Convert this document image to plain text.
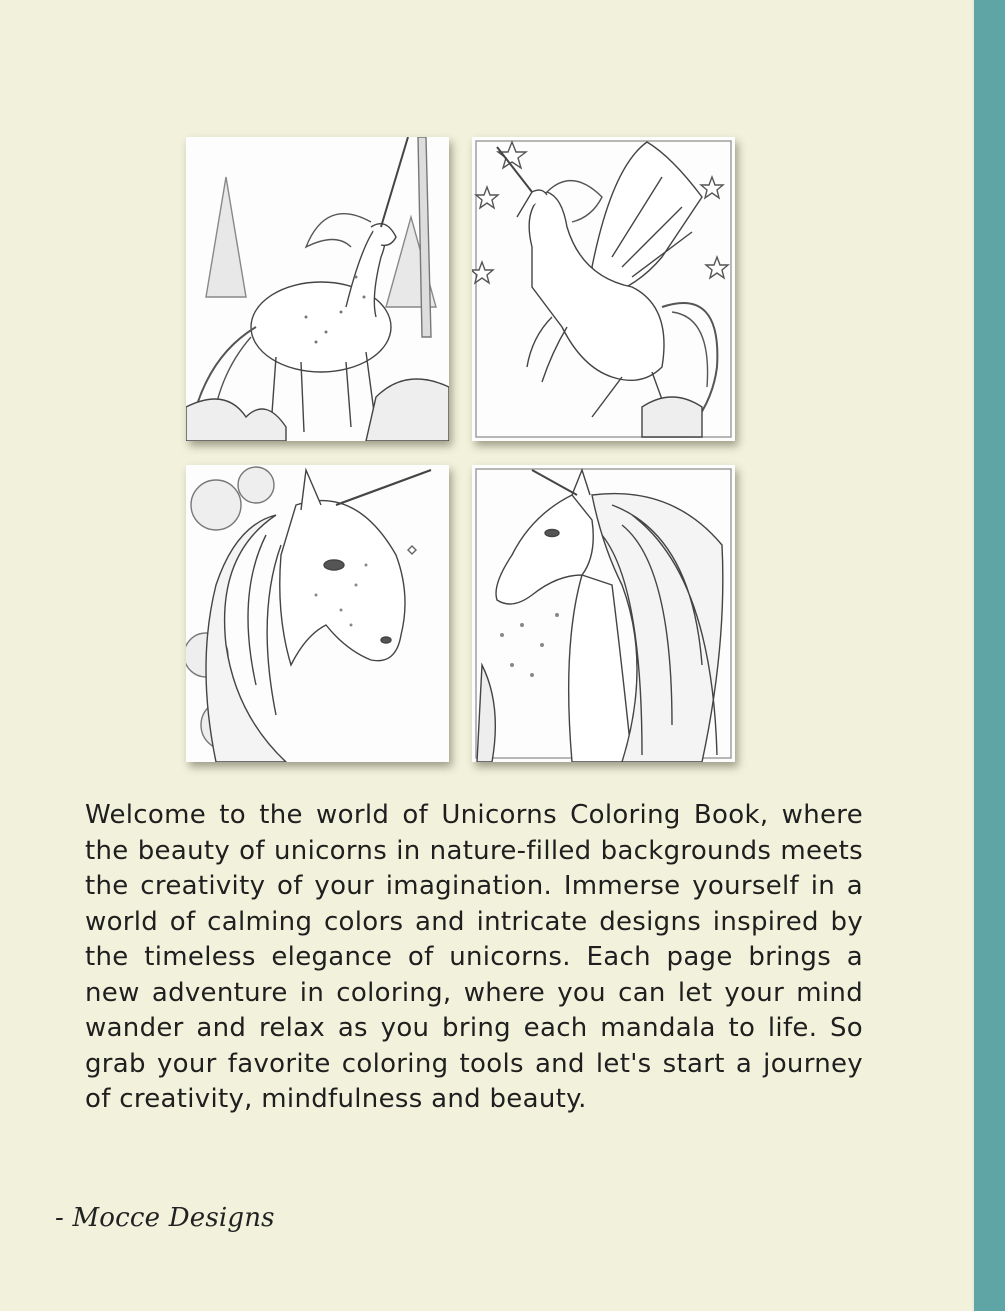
Welcome to the world of Unicorns Coloring Book, where the beauty of unicorns in nature-filled backgrounds meets the creativity of your imagination. Immerse yourself in a world of calming colors and intricate designs inspired by the timeless elegance of unicorns. Each page brings a new adventure in coloring, where you can let your mind wander and relax as you bring each mandala to life. So grab your favorite coloring tools and let's start a journey of creativity, mindfulness and beauty.

- Mocce Designs
